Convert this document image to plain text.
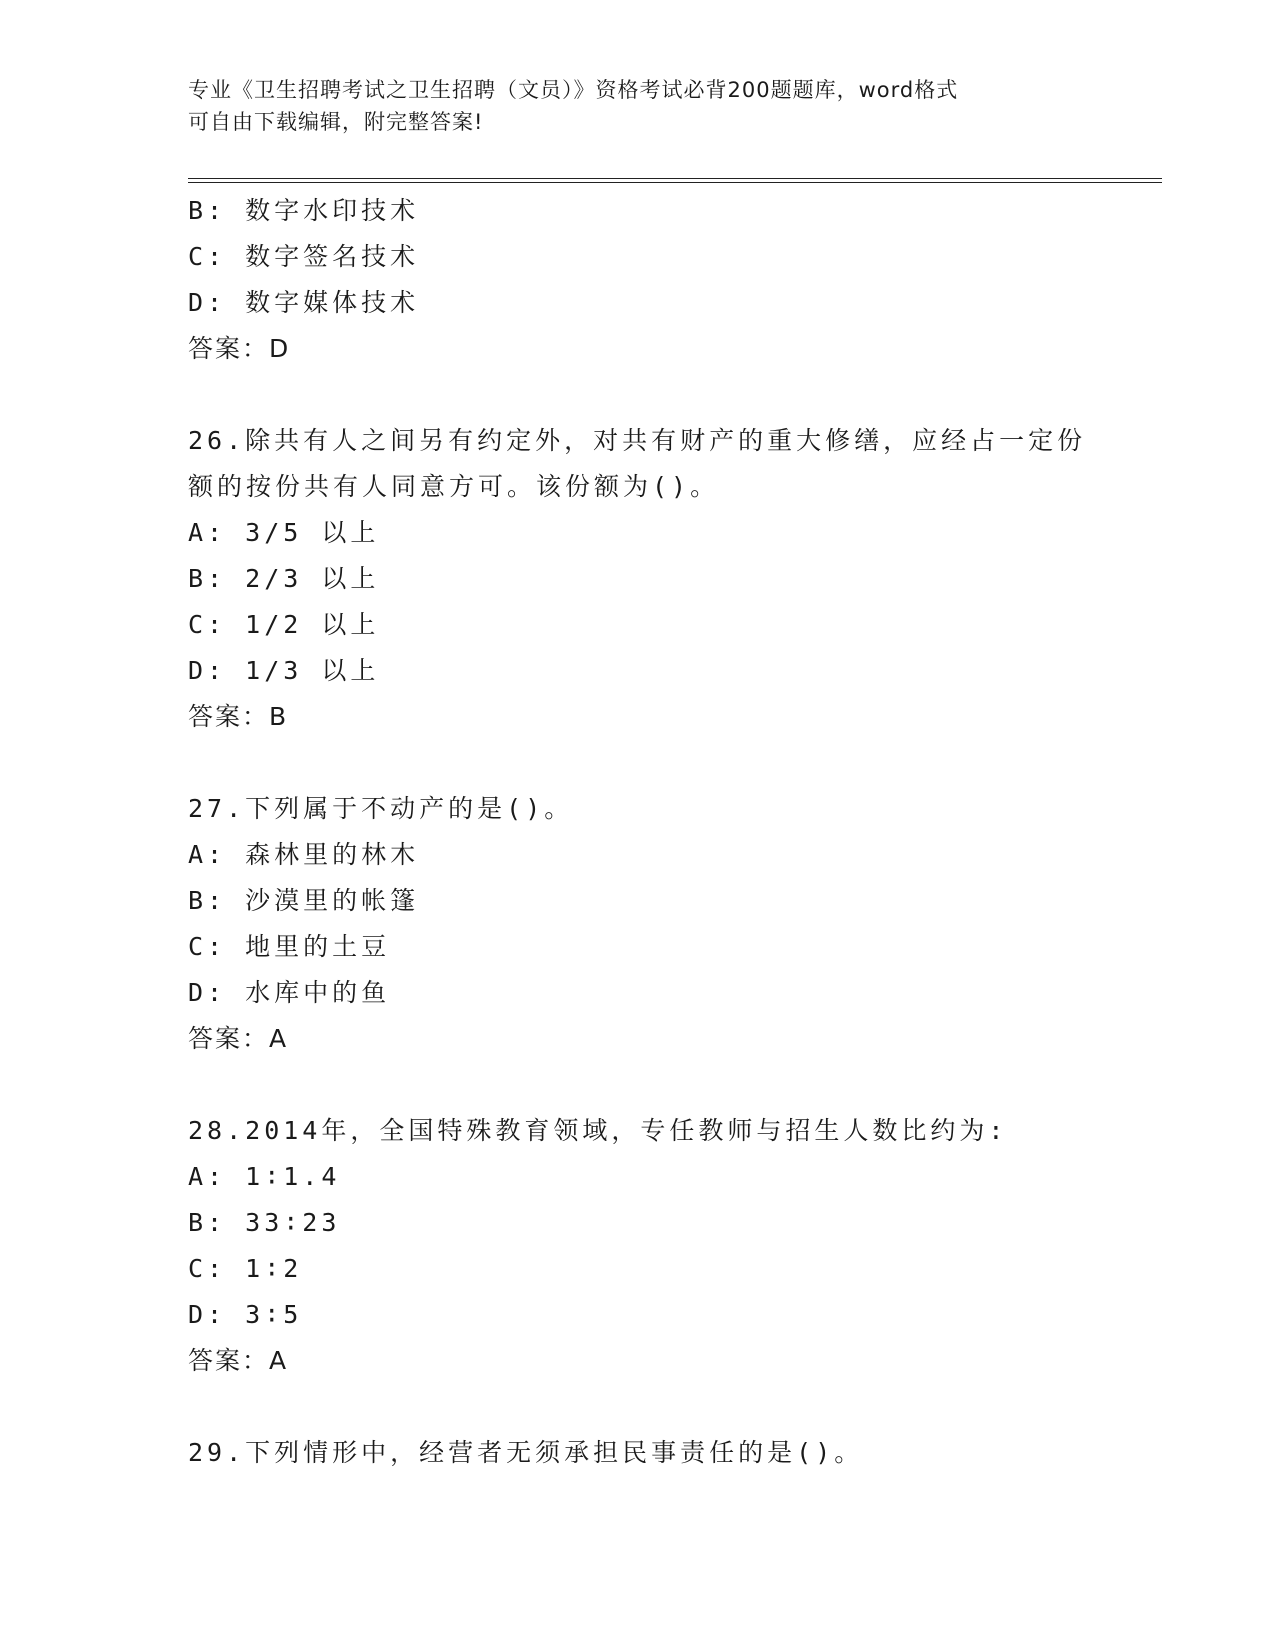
专业《卫生招聘考试之卫生招聘（文员）》资格考试必背200题题库，word格式
可自由下载编辑，附完整答案!
B: 数字水印技术
C: 数字签名技术
D: 数字媒体技术
答案：D
26.除共有人之间另有约定外，对共有财产的重大修缮，应经占一定份
额的按份共有人同意方可。该份额为()。
A: 3/5 以上
B: 2/3 以上
C: 1/2 以上
D: 1/3 以上
答案：B
27.下列属于不动产的是()。
A: 森林里的林木
B: 沙漠里的帐篷
C: 地里的土豆
D: 水库中的鱼
答案：A
28.2014年，全国特殊教育领域，专任教师与招生人数比约为:
A: 1∶1.4
B: 33∶23
C: 1∶2
D: 3∶5
答案：A
29.下列情形中，经营者无须承担民事责任的是()。
